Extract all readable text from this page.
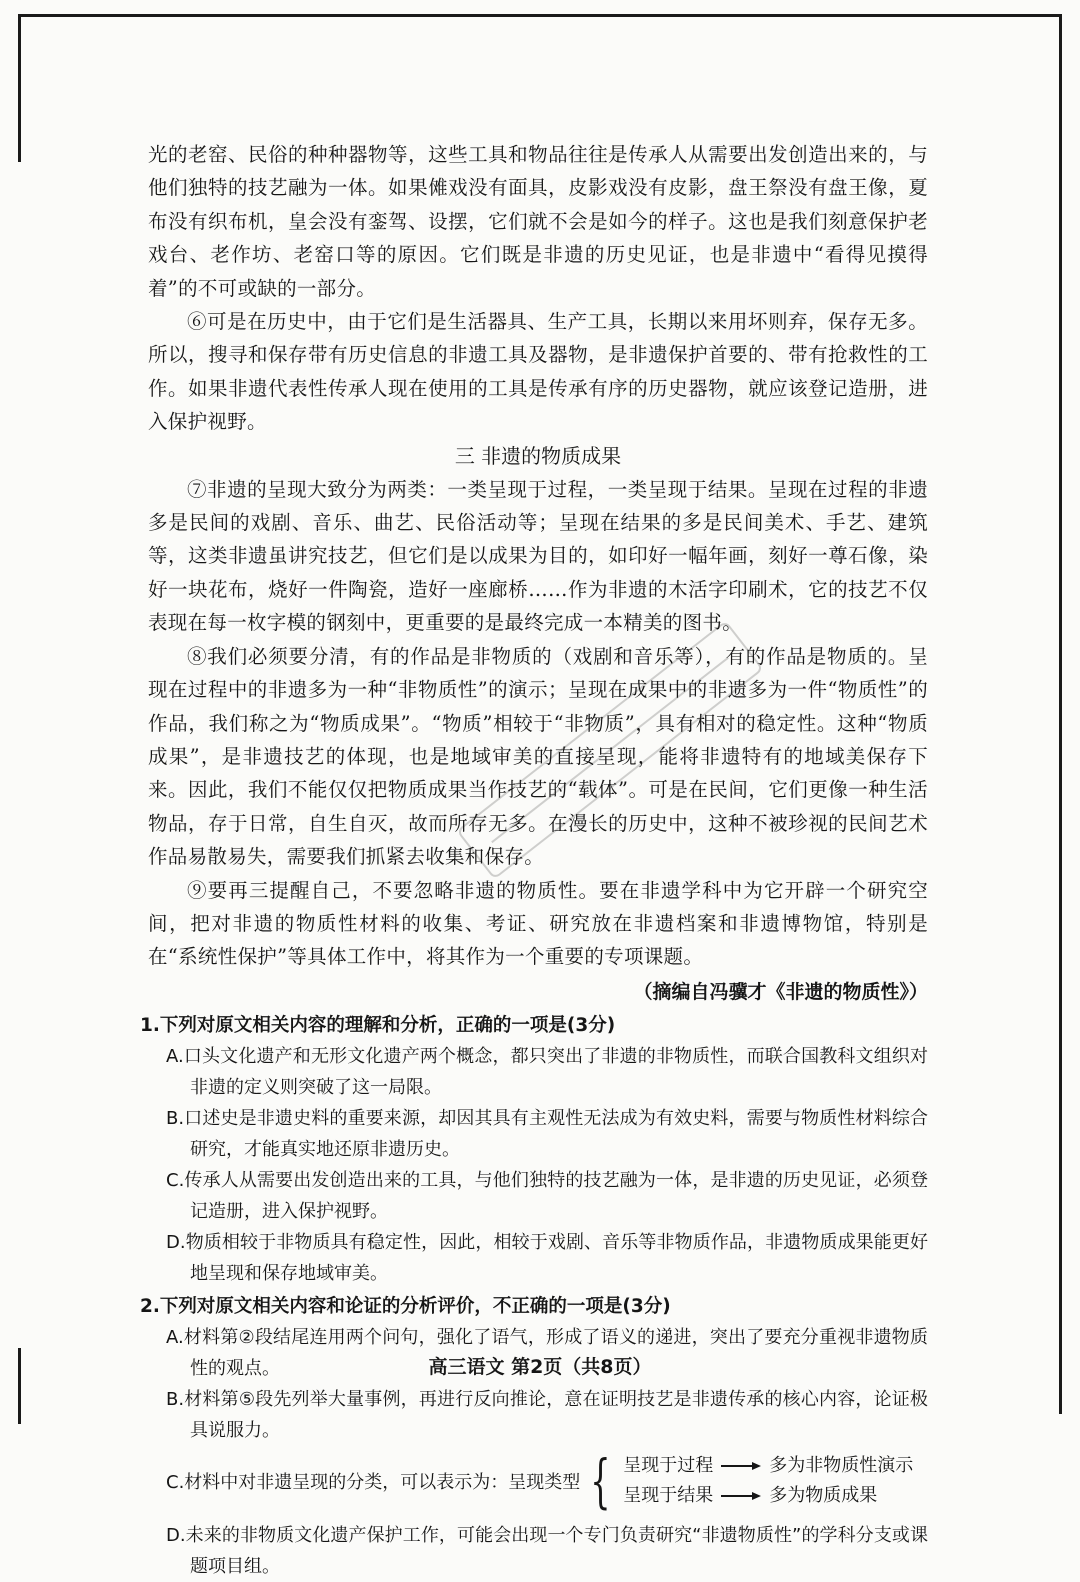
光的老窑、民俗的种种器物等，这些工具和物品往往是传承人从需要出发创造出来的，与他们独特的技艺融为一体。如果傩戏没有面具，皮影戏没有皮影，盘王祭没有盘王像，夏布没有织布机，皇会没有銮驾、设摆，它们就不会是如今的样子。这也是我们刻意保护老戏台、老作坊、老窑口等的原因。它们既是非遗的历史见证，也是非遗中“看得见摸得着”的不可或缺的一部分。

⑥可是在历史中，由于它们是生活器具、生产工具，长期以来用坏则弃，保存无多。所以，搜寻和保存带有历史信息的非遗工具及器物，是非遗保护首要的、带有抢救性的工作。如果非遗代表性传承人现在使用的工具是传承有序的历史器物，就应该登记造册，进入保护视野。

三 非遗的物质成果

⑦非遗的呈现大致分为两类：一类呈现于过程，一类呈现于结果。呈现在过程的非遗多是民间的戏剧、音乐、曲艺、民俗活动等；呈现在结果的多是民间美术、手艺、建筑等，这类非遗虽讲究技艺，但它们是以成果为目的，如印好一幅年画，刻好一尊石像，染好一块花布，烧好一件陶瓷，造好一座廊桥……作为非遗的木活字印刷术，它的技艺不仅表现在每一枚字模的钢刻中，更重要的是最终完成一本精美的图书。

⑧我们必须要分清，有的作品是非物质的（戏剧和音乐等），有的作品是物质的。呈现在过程中的非遗多为一种“非物质性”的演示；呈现在成果中的非遗多为一件“物质性”的作品，我们称之为“物质成果”。“物质”相较于“非物质”，具有相对的稳定性。这种“物质成果”，是非遗技艺的体现，也是地域审美的直接呈现，能将非遗特有的地域美保存下来。因此，我们不能仅仅把物质成果当作技艺的“载体”。可是在民间，它们更像一种生活物品，存于日常，自生自灭，故而所存无多。在漫长的历史中，这种不被珍视的民间艺术作品易散易失，需要我们抓紧去收集和保存。

⑨要再三提醒自己，不要忽略非遗的物质性。要在非遗学科中为它开辟一个研究空间，把对非遗的物质性材料的收集、考证、研究放在非遗档案和非遗博物馆，特别是在“系统性保护”等具体工作中，将其作为一个重要的专项课题。

（摘编自冯骥才《非遗的物质性》）

1.下列对原文相关内容的理解和分析，正确的一项是(3分)

A.口头文化遗产和无形文化遗产两个概念，都只突出了非遗的非物质性，而联合国教科文组织对非遗的定义则突破了这一局限。

B.口述史是非遗史料的重要来源，却因其具有主观性无法成为有效史料，需要与物质性材料综合研究，才能真实地还原非遗历史。

C.传承人从需要出发创造出来的工具，与他们独特的技艺融为一体，是非遗的历史见证，必须登记造册，进入保护视野。

D.物质相较于非物质具有稳定性，因此，相较于戏剧、音乐等非物质作品，非遗物质成果能更好地呈现和保存地域审美。

2.下列对原文相关内容和论证的分析评价，不正确的一项是(3分)

A.材料第②段结尾连用两个问句，强化了语气，形成了语义的递进，突出了要充分重视非遗物质性的观点。

B.材料第⑤段先列举大量事例，再进行反向推论，意在证明技艺是非遗传承的核心内容，论证极具说服力。

C.材料中对非遗呈现的分类，可以表示为： 呈现类型 { 呈现于过程	多为非物质性演示
呈现于结果	多为物质成果

D.未来的非物质文化遗产保护工作，可能会出现一个专门负责研究“非遗物质性”的学科分支或课题项目组。

高三语文 第2页（共8页）
